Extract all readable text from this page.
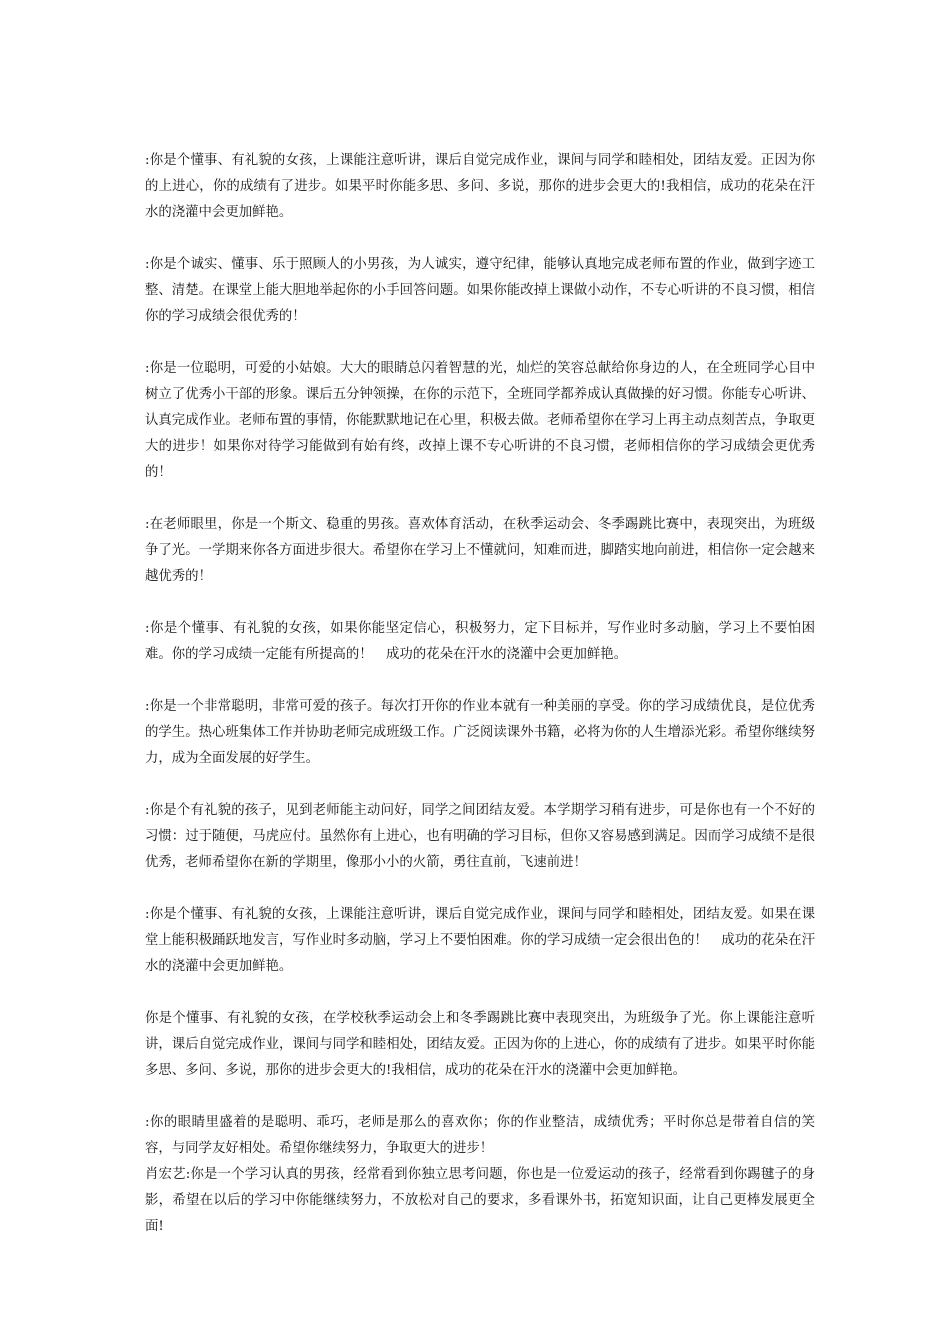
:你是个懂事、有礼貌的女孩，上课能注意听讲，课后自觉完成作业，课间与同学和睦相处，团结友爱。正因为你的上进心，你的成绩有了进步。如果平时你能多思、多问、多说，那你的进步会更大的!我相信，成功的花朵在汗水的浇灌中会更加鲜艳。

:你是个诚实、懂事、乐于照顾人的小男孩，为人诚实，遵守纪律，能够认真地完成老师布置的作业，做到字迹工整、清楚。在课堂上能大胆地举起你的小手回答问题。如果你能改掉上课做小动作，不专心听讲的不良习惯，相信你的学习成绩会很优秀的！

:你是一位聪明，可爱的小姑娘。大大的眼睛总闪着智慧的光，灿烂的笑容总献给你身边的人，在全班同学心目中树立了优秀小干部的形象。课后五分钟领操，在你的示范下，全班同学都养成认真做操的好习惯。你能专心听讲、认真完成作业。老师布置的事情，你能默默地记在心里，积极去做。老师希望你在学习上再主动点刻苦点，争取更大的进步！如果你对待学习能做到有始有终，改掉上课不专心听讲的不良习惯，老师相信你的学习成绩会更优秀的！

:在老师眼里，你是一个斯文、稳重的男孩。喜欢体育活动，在秋季运动会、冬季踢跳比赛中，表现突出，为班级争了光。一学期来你各方面进步很大。希望你在学习上不懂就问，知难而进，脚踏实地向前进，相信你一定会越来越优秀的！

:你是个懂事、有礼貌的女孩，如果你能坚定信心，积极努力，定下目标并，写作业时多动脑，学习上不要怕困难。你的学习成绩一定能有所提高的！　成功的花朵在汗水的浇灌中会更加鲜艳。

:你是一个非常聪明，非常可爱的孩子。每次打开你的作业本就有一种美丽的享受。你的学习成绩优良，是位优秀的学生。热心班集体工作并协助老师完成班级工作。广泛阅读课外书籍，必将为你的人生增添光彩。希望你继续努力，成为全面发展的好学生。

:你是个有礼貌的孩子，见到老师能主动问好，同学之间团结友爱。本学期学习稍有进步，可是你也有一个不好的习惯：过于随便，马虎应付。虽然你有上进心，也有明确的学习目标，但你又容易感到满足。因而学习成绩不是很优秀，老师希望你在新的学期里，像那小小的火箭，勇往直前，飞速前进！

:你是个懂事、有礼貌的女孩，上课能注意听讲，课后自觉完成作业，课间与同学和睦相处，团结友爱。如果在课堂上能积极踊跃地发言，写作业时多动脑，学习上不要怕困难。你的学习成绩一定会很出色的！　成功的花朵在汗水的浇灌中会更加鲜艳。

你是个懂事、有礼貌的女孩，在学校秋季运动会上和冬季踢跳比赛中表现突出，为班级争了光。你上课能注意听讲，课后自觉完成作业，课间与同学和睦相处，团结友爱。正因为你的上进心，你的成绩有了进步。如果平时你能多思、多问、多说，那你的进步会更大的!我相信，成功的花朵在汗水的浇灌中会更加鲜艳。

:你的眼睛里盛着的是聪明、乖巧，老师是那么的喜欢你；你的作业整洁，成绩优秀；平时你总是带着自信的笑容，与同学友好相处。希望你继续努力，争取更大的进步！

肖宏艺:你是一个学习认真的男孩，经常看到你独立思考问题，你也是一位爱运动的孩子，经常看到你踢毽子的身影，希望在以后的学习中你能继续努力，不放松对自己的要求，多看课外书，拓宽知识面，让自己更棒发展更全面!
